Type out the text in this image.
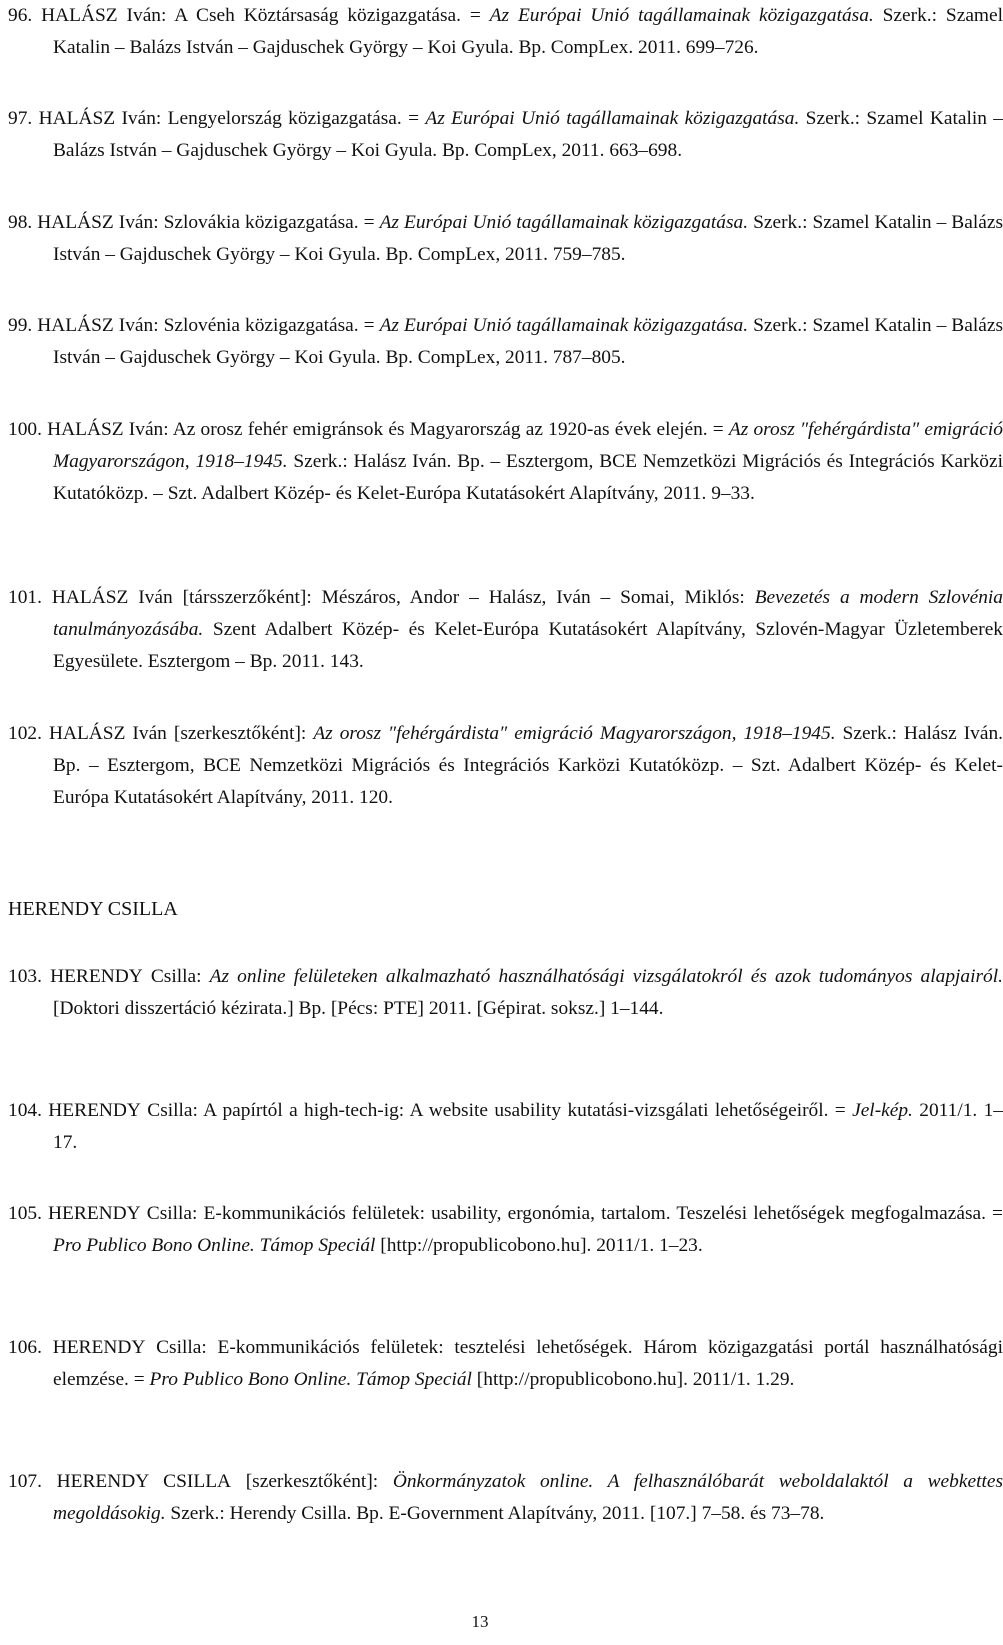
96. HALÁSZ Iván: A Cseh Köztársaság közigazgatása. = Az Európai Unió tagállamainak közigazgatása. Szerk.: Szamel Katalin – Balázs István – Gajduschek György – Koi Gyula. Bp. CompLex. 2011. 699–726.
97. HALÁSZ Iván: Lengyelország közigazgatása. = Az Európai Unió tagállamainak közigazgatása. Szerk.: Szamel Katalin – Balázs István – Gajduschek György – Koi Gyula. Bp. CompLex, 2011. 663–698.
98. HALÁSZ Iván: Szlovákia közigazgatása. = Az Európai Unió tagállamainak közigazgatása. Szerk.: Szamel Katalin – Balázs István – Gajduschek György – Koi Gyula. Bp. CompLex, 2011. 759–785.
99. HALÁSZ Iván: Szlovénia közigazgatása. = Az Európai Unió tagállamainak közigazgatása. Szerk.: Szamel Katalin – Balázs István – Gajduschek György – Koi Gyula. Bp. CompLex, 2011. 787–805.
100. HALÁSZ Iván: Az orosz fehér emigránsok és Magyarország az 1920-as évek elején. = Az orosz ″fehérgárdista″ emigráció Magyarországon, 1918–1945. Szerk.: Halász Iván. Bp. – Esztergom, BCE Nemzetközi Migrációs és Integrációs Karközi Kutatóközp. – Szt. Adalbert Közép- és Kelet-Európa Kutatásokért Alapítvány, 2011. 9–33.
101. HALÁSZ Iván [társszerzőként]: Mészáros, Andor – Halász, Iván – Somai, Miklós: Bevezetés a modern Szlovénia tanulmányozásába. Szent Adalbert Közép- és Kelet-Európa Kutatásokért Alapítvány, Szlovén-Magyar Üzletemberek Egyesülete. Esztergom – Bp. 2011. 143.
102. HALÁSZ Iván [szerkesztőként]: Az orosz ″fehérgárdista″ emigráció Magyarországon, 1918–1945. Szerk.: Halász Iván. Bp. – Esztergom, BCE Nemzetközi Migrációs és Integrációs Karközi Kutatóközp. – Szt. Adalbert Közép- és Kelet-Európa Kutatásokért Alapítvány, 2011. 120.
HERENDY CSILLA
103. HERENDY Csilla: Az online felületeken alkalmazható használhatósági vizsgálatokról és azok tudományos alapjairól. [Doktori disszertáció kézirata.] Bp. [Pécs: PTE] 2011. [Gépirat. soksz.] 1–144.
104. HERENDY Csilla: A papírtól a high-tech-ig: A website usability kutatási-vizsgálati lehetőségeiről. = Jel-kép. 2011/1. 1–17.
105. HERENDY Csilla: E-kommunikációs felületek: usability, ergonómia, tartalom. Teszelési lehetőségek megfogalmazása. = Pro Publico Bono Online. Támop Speciál [http://propublicobono.hu]. 2011/1. 1–23.
106. HERENDY Csilla: E-kommunikációs felületek: tesztelési lehetőségek. Három közigazgatási portál használhatósági elemzése. = Pro Publico Bono Online. Támop Speciál [http://propublicobono.hu]. 2011/1. 1.29.
107. HERENDY CSILLA [szerkesztőként]: Önkormányzatok online. A felhasználóbarát weboldalaktól a webkettes megoldásokig. Szerk.: Herendy Csilla. Bp. E-Government Alapítvány, 2011. [107.] 7–58. és 73–78.
13
